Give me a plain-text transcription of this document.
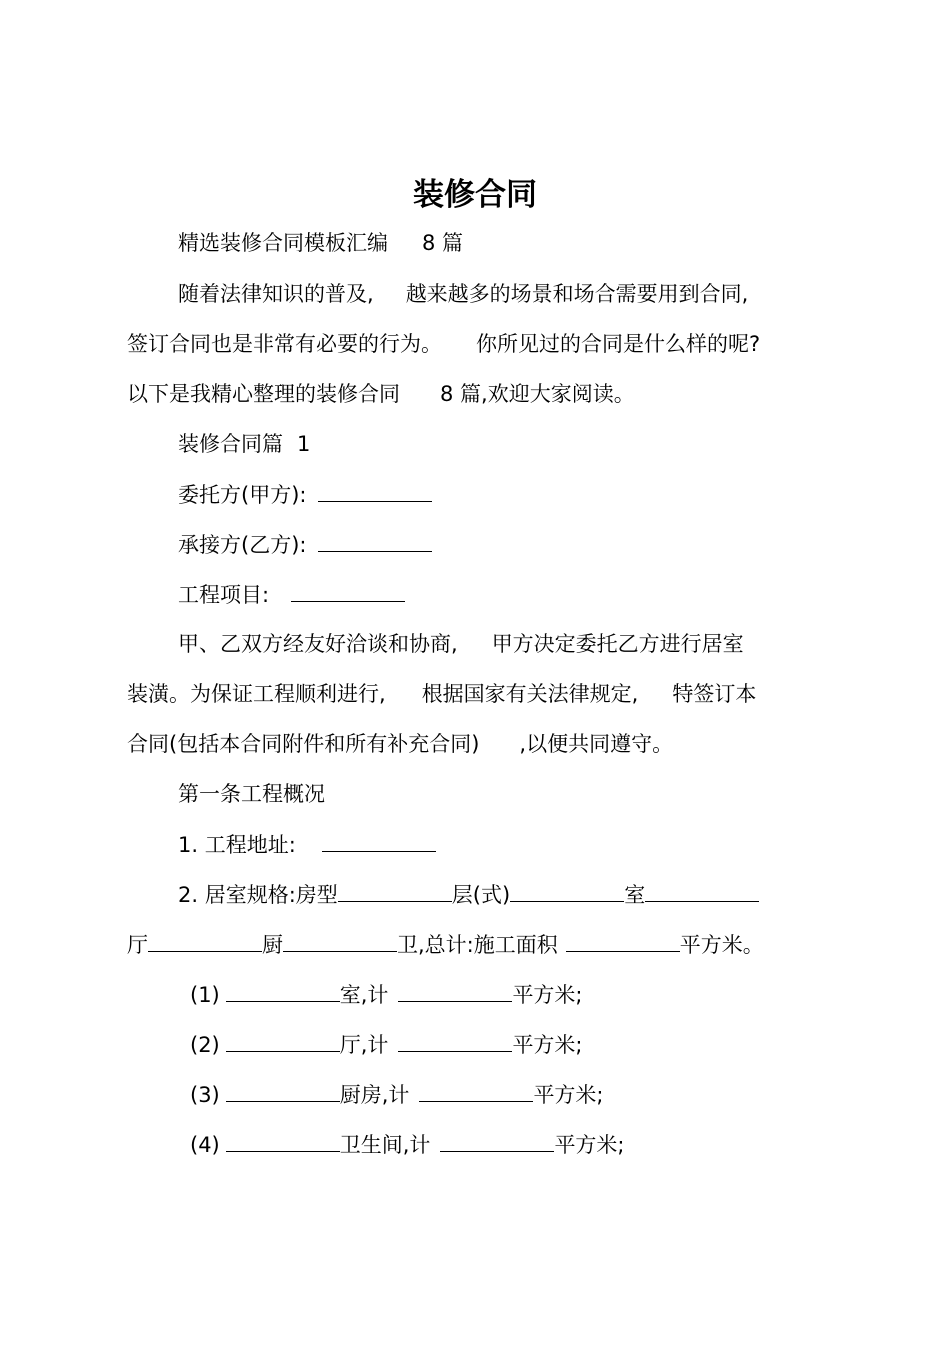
装修合同
精选装修合同模板汇编 8 篇
随着法律知识的普及, 越来越多的场景和场合需要用到合同,
签订合同也是非常有必要的行为。 你所见过的合同是什么样的呢?
以下是我精心整理的装修合同 8 篇,欢迎大家阅读。
装修合同篇 1
委托方(甲方):
承接方(乙方):
工程项目:
甲、乙双方经友好洽谈和协商, 甲方决定委托乙方进行居室
装潢。为保证工程顺利进行, 根据国家有关法律规定, 特签订本
合同(包括本合同附件和所有补充合同) ,以便共同遵守。
第一条工程概况
1. 工程地址:
2. 居室规格:房型	层(式)	室
厅	厨	卫,总计:施工面积	平方米。
(1)	室,计	平方米;
(2)	厅,计	平方米;
(3)	厨房,计	平方米;
(4)	卫生间,计	平方米;
